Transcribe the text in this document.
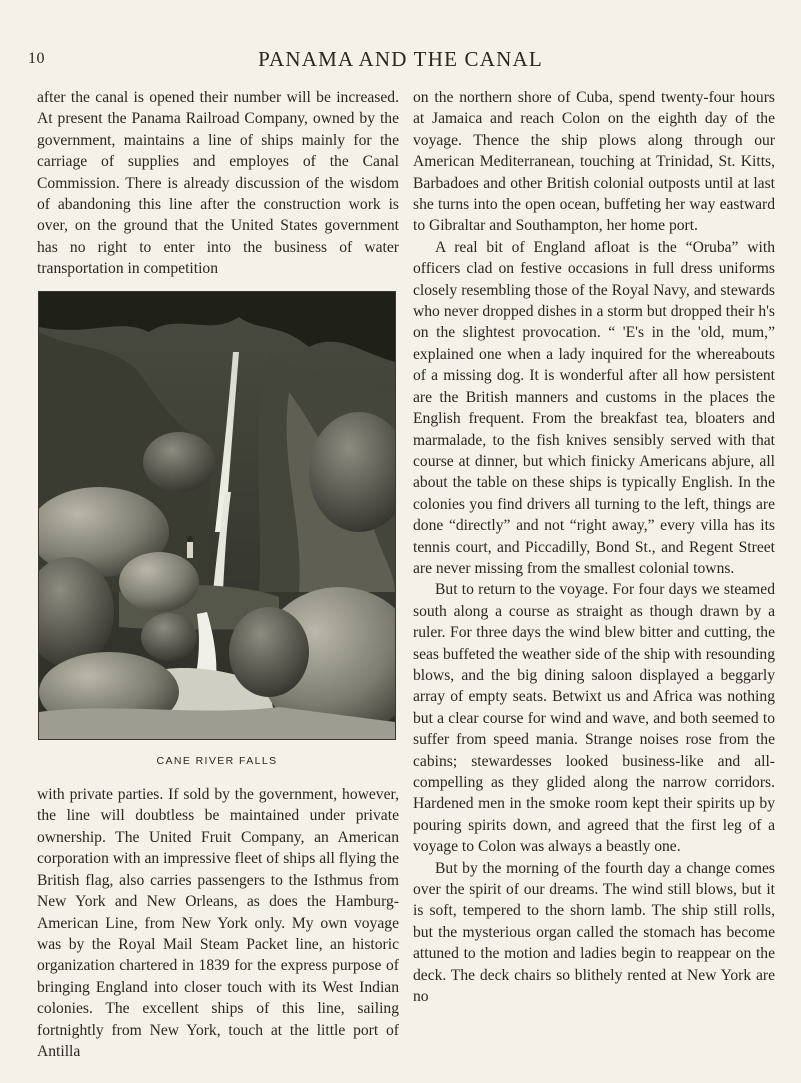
10	PANAMA AND THE CANAL

after the canal is opened their number will be increased. At present the Panama Railroad Company, owned by the government, maintains a line of ships mainly for the carriage of supplies and employes of the Canal Commission. There is already discussion of the wisdom of abandoning this line after the construction work is over, on the ground that the United States government has no right to enter into the business of water transportation in competition

CANE RIVER FALLS

with private parties. If sold by the government, however, the line will doubtless be maintained under private ownership. The United Fruit Company, an American corporation with an impressive fleet of ships all flying the British flag, also carries passengers to the Isthmus from New York and New Orleans, as does the Hamburg-American Line, from New York only. My own voyage was by the Royal Mail Steam Packet line, an historic organization chartered in 1839 for the express purpose of bringing England into closer touch with its West Indian colonies. The excellent ships of this line, sailing fortnightly from New York, touch at the little port of Antilla

on the northern shore of Cuba, spend twenty-four hours at Jamaica and reach Colon on the eighth day of the voyage. Thence the ship plows along through our American Mediterranean, touching at Trinidad, St. Kitts, Barbadoes and other British colonial outposts until at last she turns into the open ocean, buffeting her way eastward to Gibraltar and Southampton, her home port.

A real bit of England afloat is the “Oruba” with officers clad on festive occasions in full dress uniforms closely resembling those of the Royal Navy, and stewards who never dropped dishes in a storm but dropped their h's on the slightest provocation. “ 'E's in the 'old, mum,” explained one when a lady inquired for the whereabouts of a missing dog. It is wonderful after all how persistent are the British manners and customs in the places the English frequent. From the breakfast tea, bloaters and marmalade, to the fish knives sensibly served with that course at dinner, but which finicky Americans abjure, all about the table on these ships is typically English. In the colonies you find drivers all turning to the left, things are done “directly” and not “right away,” every villa has its tennis court, and Piccadilly, Bond St., and Regent Street are never missing from the smallest colonial towns.

But to return to the voyage. For four days we steamed south along a course as straight as though drawn by a ruler. For three days the wind blew bitter and cutting, the seas buffeted the weather side of the ship with resounding blows, and the big dining saloon displayed a beggarly array of empty seats. Betwixt us and Africa was nothing but a clear course for wind and wave, and both seemed to suffer from speed mania. Strange noises rose from the cabins; stewardesses looked business-like and all-compelling as they glided along the narrow corridors. Hardened men in the smoke room kept their spirits up by pouring spirits down, and agreed that the first leg of a voyage to Colon was always a beastly one.

But by the morning of the fourth day a change comes over the spirit of our dreams. The wind still blows, but it is soft, tempered to the shorn lamb. The ship still rolls, but the mysterious organ called the stomach has become attuned to the motion and ladies begin to reappear on the deck. The deck chairs so blithely rented at New York are no
